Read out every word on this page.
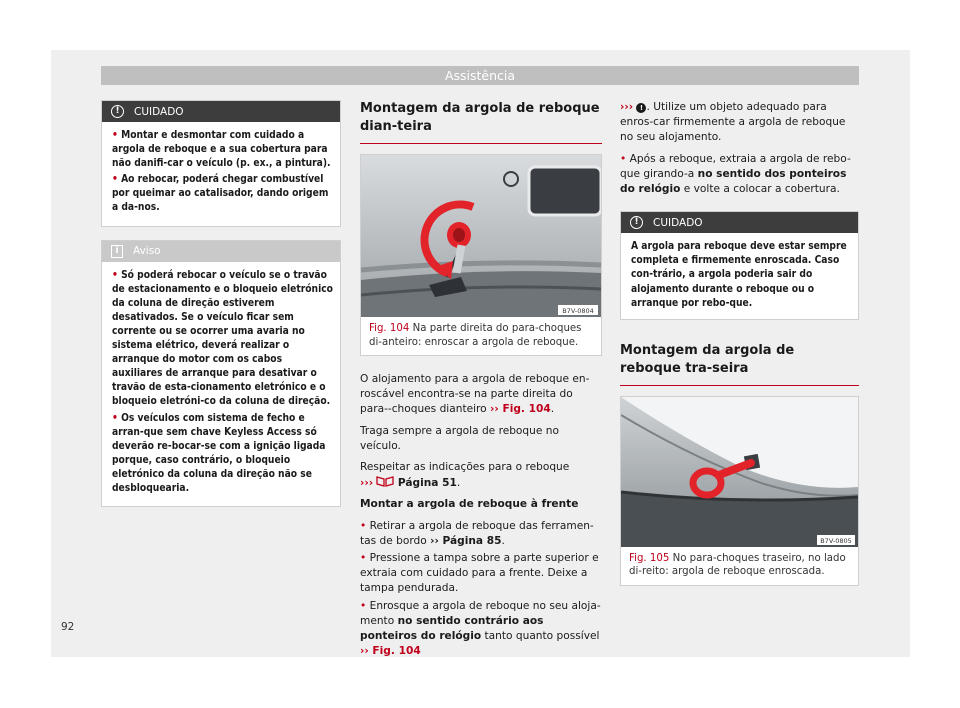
Assistência
!	CUIDADO

• Montar e desmontar com cuidado a argola de reboque e a sua cobertura para não danifi-car o veículo (p. ex., a pintura).

• Ao rebocar, poderá chegar combustível por queimar ao catalisador, dando origem a da-nos.

i	Aviso

• Só poderá rebocar o veículo se o travão de estacionamento e o bloqueio eletrónico da coluna de direção estiverem desativados. Se o veículo ficar sem corrente ou se ocorrer uma avaria no sistema elétrico, deverá realizar o arranque do motor com os cabos auxiliares de arranque para desativar o travão de esta-cionamento eletrónico e o bloqueio eletróni-co da coluna de direção.

• Os veículos com sistema de fecho e arran-que sem chave Keyless Access só deverão re-bocar-se com a ignição ligada porque, caso contrário, o bloqueio eletrónico da coluna da direção não se desbloquearia.

Montagem da argola de reboque dian-teira
B7V-0804
Fig. 104 Na parte direita do para-choques di-anteiro: enroscar a argola de reboque.

O alojamento para a argola de reboque en-roscável encontra-se na parte direita do para--choques dianteiro ›› Fig. 104.

Traga sempre a argola de reboque no veículo.

Respeitar as indicações para o reboque
››› Página 51.

Montar a argola de reboque à frente

• Retirar a argola de reboque das ferramen-tas de bordo ›› Página 85.

• Pressione a tampa sobre a parte superior e extraia com cuidado para a frente. Deixe a tampa pendurada.

• Enrosque a argola de reboque no seu aloja-mento no sentido contrário aos ponteiros do relógio tanto quanto possível ›› Fig. 104

››› ! . Utilize um objeto adequado para enros-car firmemente a argola de reboque no seu alojamento.

• Após a reboque, extraia a argola de rebo-que girando-a no sentido dos ponteiros do relógio e volte a colocar a cobertura.

!	CUIDADO
A argola para reboque deve estar sempre completa e firmemente enroscada. Caso con-trário, a argola poderia sair do alojamento durante o reboque ou o arranque por rebo-que.
Montagem da argola de reboque tra-seira
B7V-0805
Fig. 105 No para-choques traseiro, no lado di-reito: argola de reboque enroscada.
92
